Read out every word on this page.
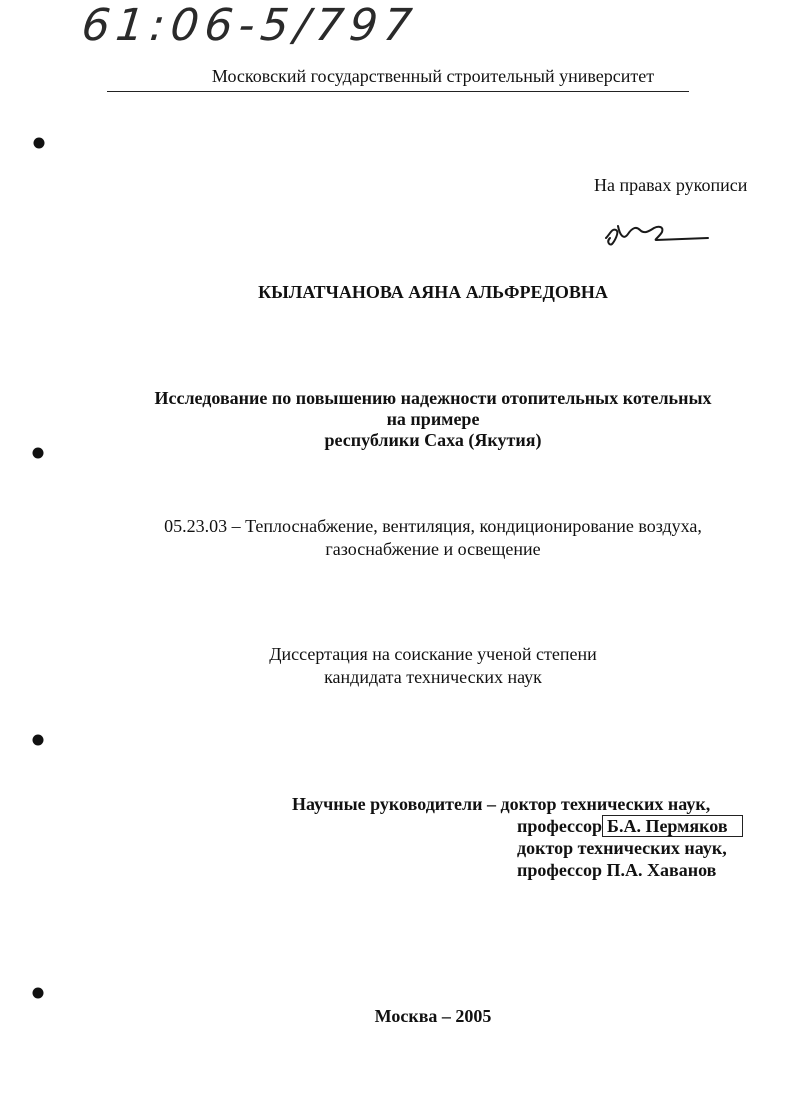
61:06-5/797
Московский государственный строительный университет
На правах рукописи
КЫЛАТЧАНОВА АЯНА АЛЬФРЕДОВНА
Исследование по повышению надежности отопительных котельных
на примере
республики Саха (Якутия)
05.23.03 – Теплоснабжение, вентиляция, кондиционирование воздуха,
газоснабжение и освещение
Диссертация на соискание ученой степени
кандидата технических наук
Научные руководители – доктор технических наук,
профессор Б.А. Пермяков
доктор технических наук,
профессор П.А. Хаванов
Москва – 2005
